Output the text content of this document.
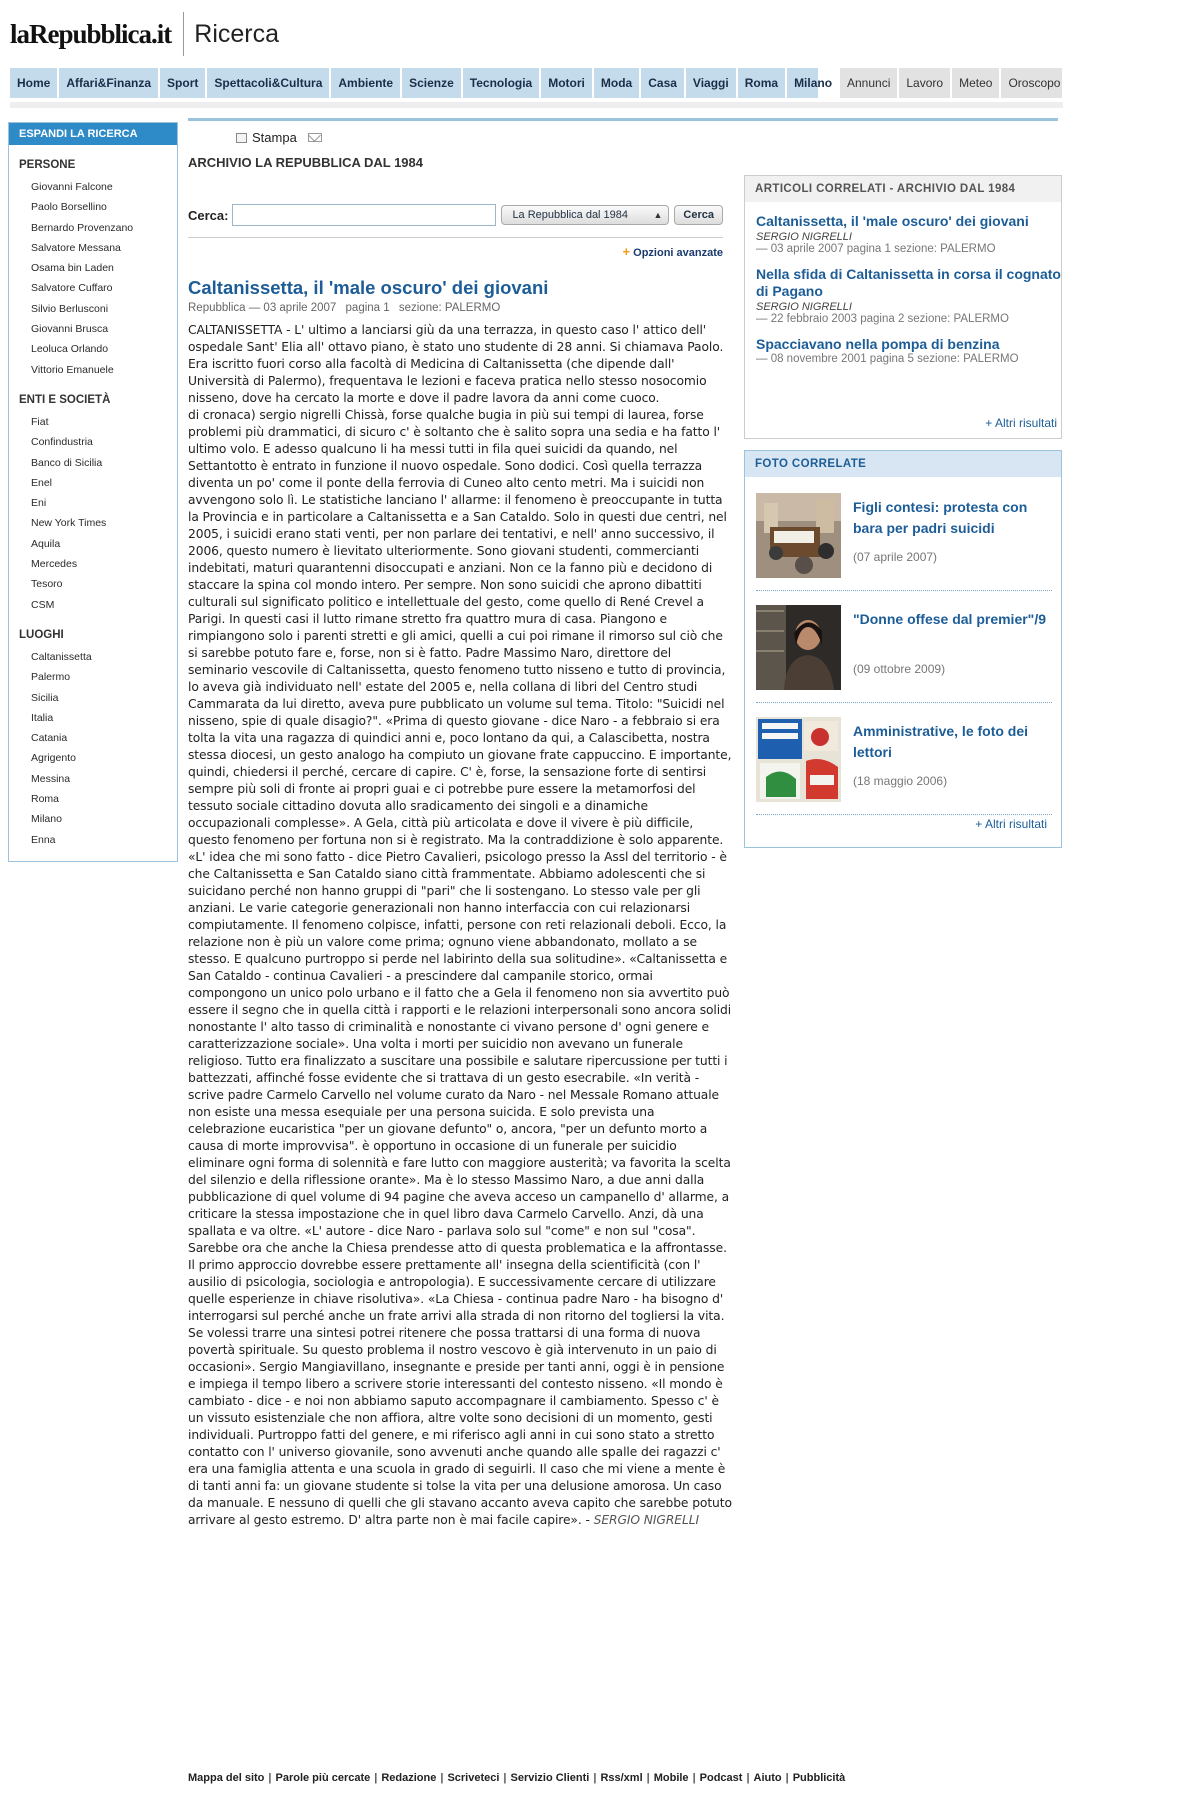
laRepubblica.it Ricerca
Home	Affari&Finanza	Sport	Spettacoli&Cultura	Ambiente	Scienze	Tecnologia	Motori	Moda	Casa	Viaggi	Roma	Milano	Annunci	Lavoro	Meteo	Oroscopo
ESPANDI LA RICERCA
PERSONE
Giovanni Falcone
Paolo Borsellino
Bernardo Provenzano
Salvatore Messana
Osama bin Laden
Salvatore Cuffaro
Silvio Berlusconi
Giovanni Brusca
Leoluca Orlando
Vittorio Emanuele
ENTI E SOCIETÀ
Fiat
Confindustria
Banco di Sicilia
Enel
Eni
New York Times
Aquila
Mercedes
Tesoro
CSM
LUOGHI
Caltanissetta
Palermo
Sicilia
Italia
Catania
Agrigento
Messina
Roma
Milano
Enna
Stampa
ARCHIVIO LA REPUBBLICA DAL 1984
Cerca:	La Repubblica dal 1984	▲	Cerca
+ Opzioni avanzate
Caltanissetta, il 'male oscuro' dei giovani
Repubblica — 03 aprile 2007 pagina 1 sezione: PALERMO
CALTANISSETTA - L' ultimo a lanciarsi giù da una terrazza, in questo caso l' attico dell' ospedale Sant' Elia all' ottavo piano, è stato uno studente di 28 anni. Si chiamava Paolo. Era iscritto fuori corso alla facoltà di Medicina di Caltanissetta (che dipende dall' Università di Palermo), frequentava le lezioni e faceva pratica nello stesso nosocomio nisseno, dove ha cercato la morte e dove il padre lavora da anni come cuoco.
di cronaca) sergio nigrelli Chissà, forse qualche bugia in più sui tempi di laurea, forse problemi più drammatici, di sicuro c' è soltanto che è salito sopra una sedia e ha fatto l' ultimo volo. E adesso qualcuno li ha messi tutti in fila quei suicidi da quando, nel Settantotto è entrato in funzione il nuovo ospedale. Sono dodici. Così quella terrazza diventa un po' come il ponte della ferrovia di Cuneo alto cento metri. Ma i suicidi non avvengono solo lì. Le statistiche lanciano l' allarme: il fenomeno è preoccupante in tutta la Provincia e in particolare a Caltanissetta e a San Cataldo. Solo in questi due centri, nel 2005, i suicidi erano stati venti, per non parlare dei tentativi, e nell' anno successivo, il 2006, questo numero è lievitato ulteriormente. Sono giovani studenti, commercianti indebitati, maturi quarantenni disoccupati e anziani. Non ce la fanno più e decidono di staccare la spina col mondo intero. Per sempre. Non sono suicidi che aprono dibattiti culturali sul significato politico e intellettuale del gesto, come quello di René Crevel a Parigi. In questi casi il lutto rimane stretto fra quattro mura di casa. Piangono e rimpiangono solo i parenti stretti e gli amici, quelli a cui poi rimane il rimorso sul ciò che si sarebbe potuto fare e, forse, non si è fatto. Padre Massimo Naro, direttore del seminario vescovile di Caltanissetta, questo fenomeno tutto nisseno e tutto di provincia, lo aveva già individuato nell' estate del 2005 e, nella collana di libri del Centro studi Cammarata da lui diretto, aveva pure pubblicato un volume sul tema. Titolo: "Suicidi nel nisseno, spie di quale disagio?". «Prima di questo giovane - dice Naro - a febbraio si era tolta la vita una ragazza di quindici anni e, poco lontano da qui, a Calascibetta, nostra stessa diocesi, un gesto analogo ha compiuto un giovane frate cappuccino. E importante, quindi, chiedersi il perché, cercare di capire. C' è, forse, la sensazione forte di sentirsi sempre più soli di fronte ai propri guai e ci potrebbe pure essere la metamorfosi del tessuto sociale cittadino dovuta allo sradicamento dei singoli e a dinamiche occupazionali complesse». A Gela, città più articolata e dove il vivere è più difficile, questo fenomeno per fortuna non si è registrato. Ma la contraddizione è solo apparente. «L' idea che mi sono fatto - dice Pietro Cavalieri, psicologo presso la Assl del territorio - è che Caltanissetta e San Cataldo siano città frammentate. Abbiamo adolescenti che si suicidano perché non hanno gruppi di "pari" che li sostengano. Lo stesso vale per gli anziani. Le varie categorie generazionali non hanno interfaccia con cui relazionarsi compiutamente. Il fenomeno colpisce, infatti, persone con reti relazionali deboli. Ecco, la relazione non è più un valore come prima; ognuno viene abbandonato, mollato a se stesso. E qualcuno purtroppo si perde nel labirinto della sua solitudine». «Caltanissetta e San Cataldo - continua Cavalieri - a prescindere dal campanile storico, ormai compongono un unico polo urbano e il fatto che a Gela il fenomeno non sia avvertito può essere il segno che in quella città i rapporti e le relazioni interpersonali sono ancora solidi nonostante l' alto tasso di criminalità e nonostante ci vivano persone d' ogni genere e caratterizzazione sociale». Una volta i morti per suicidio non avevano un funerale religioso. Tutto era finalizzato a suscitare una possibile e salutare ripercussione per tutti i battezzati, affinché fosse evidente che si trattava di un gesto esecrabile. «In verità - scrive padre Carmelo Carvello nel volume curato da Naro - nel Messale Romano attuale non esiste una messa esequiale per una persona suicida. E solo prevista una celebrazione eucaristica "per un giovane defunto" o, ancora, "per un defunto morto a causa di morte improvvisa". è opportuno in occasione di un funerale per suicidio eliminare ogni forma di solennità e fare lutto con maggiore austerità; va favorita la scelta del silenzio e della riflessione orante». Ma è lo stesso Massimo Naro, a due anni dalla pubblicazione di quel volume di 94 pagine che aveva acceso un campanello d' allarme, a criticare la stessa impostazione che in quel libro dava Carmelo Carvello. Anzi, dà una spallata e va oltre. «L' autore - dice Naro - parlava solo sul "come" e non sul "cosa". Sarebbe ora che anche la Chiesa prendesse atto di questa problematica e la affrontasse. Il primo approccio dovrebbe essere prettamente all' insegna della scientificità (con l' ausilio di psicologia, sociologia e antropologia). E successivamente cercare di utilizzare quelle esperienze in chiave risolutiva». «La Chiesa - continua padre Naro - ha bisogno d' interrogarsi sul perché anche un frate arrivi alla strada di non ritorno del togliersi la vita. Se volessi trarre una sintesi potrei ritenere che possa trattarsi di una forma di nuova povertà spirituale. Su questo problema il nostro vescovo è già intervenuto in un paio di occasioni». Sergio Mangiavillano, insegnante e preside per tanti anni, oggi è in pensione e impiega il tempo libero a scrivere storie interessanti del contesto nisseno. «Il mondo è cambiato - dice - e noi non abbiamo saputo accompagnare il cambiamento. Spesso c' è un vissuto esistenziale che non affiora, altre volte sono decisioni di un momento, gesti individuali. Purtroppo fatti del genere, e mi riferisco agli anni in cui sono stato a stretto contatto con l' universo giovanile, sono avvenuti anche quando alle spalle dei ragazzi c' era una famiglia attenta e una scuola in grado di seguirli. Il caso che mi viene a mente è di tanti anni fa: un giovane studente si tolse la vita per una delusione amorosa. Un caso da manuale. E nessuno di quelli che gli stavano accanto aveva capito che sarebbe potuto arrivare al gesto estremo. D' altra parte non è mai facile capire». - SERGIO NIGRELLI
ARTICOLI CORRELATI - ARCHIVIO DAL 1984
Caltanissetta, il 'male oscuro' dei giovani
SERGIO NIGRELLI
— 03 aprile 2007 pagina 1 sezione: PALERMO
Nella sfida di Caltanissetta in corsa il cognato di Pagano
SERGIO NIGRELLI
— 22 febbraio 2003 pagina 2 sezione: PALERMO
Spacciavano nella pompa di benzina
— 08 novembre 2001 pagina 5 sezione: PALERMO
+ Altri risultati
FOTO CORRELATE
Figli contesi: protesta con bara per padri suicidi
(07 aprile 2007)
"Donne offese dal premier"/9
(09 ottobre 2009)
Amministrative, le foto dei lettori
(18 maggio 2006)
+ Altri risultati
Mappa del sito | Parole più cercate | Redazione | Scriveteci | Servizio Clienti | Rss/xml | Mobile | Podcast | Aiuto | Pubblicità
